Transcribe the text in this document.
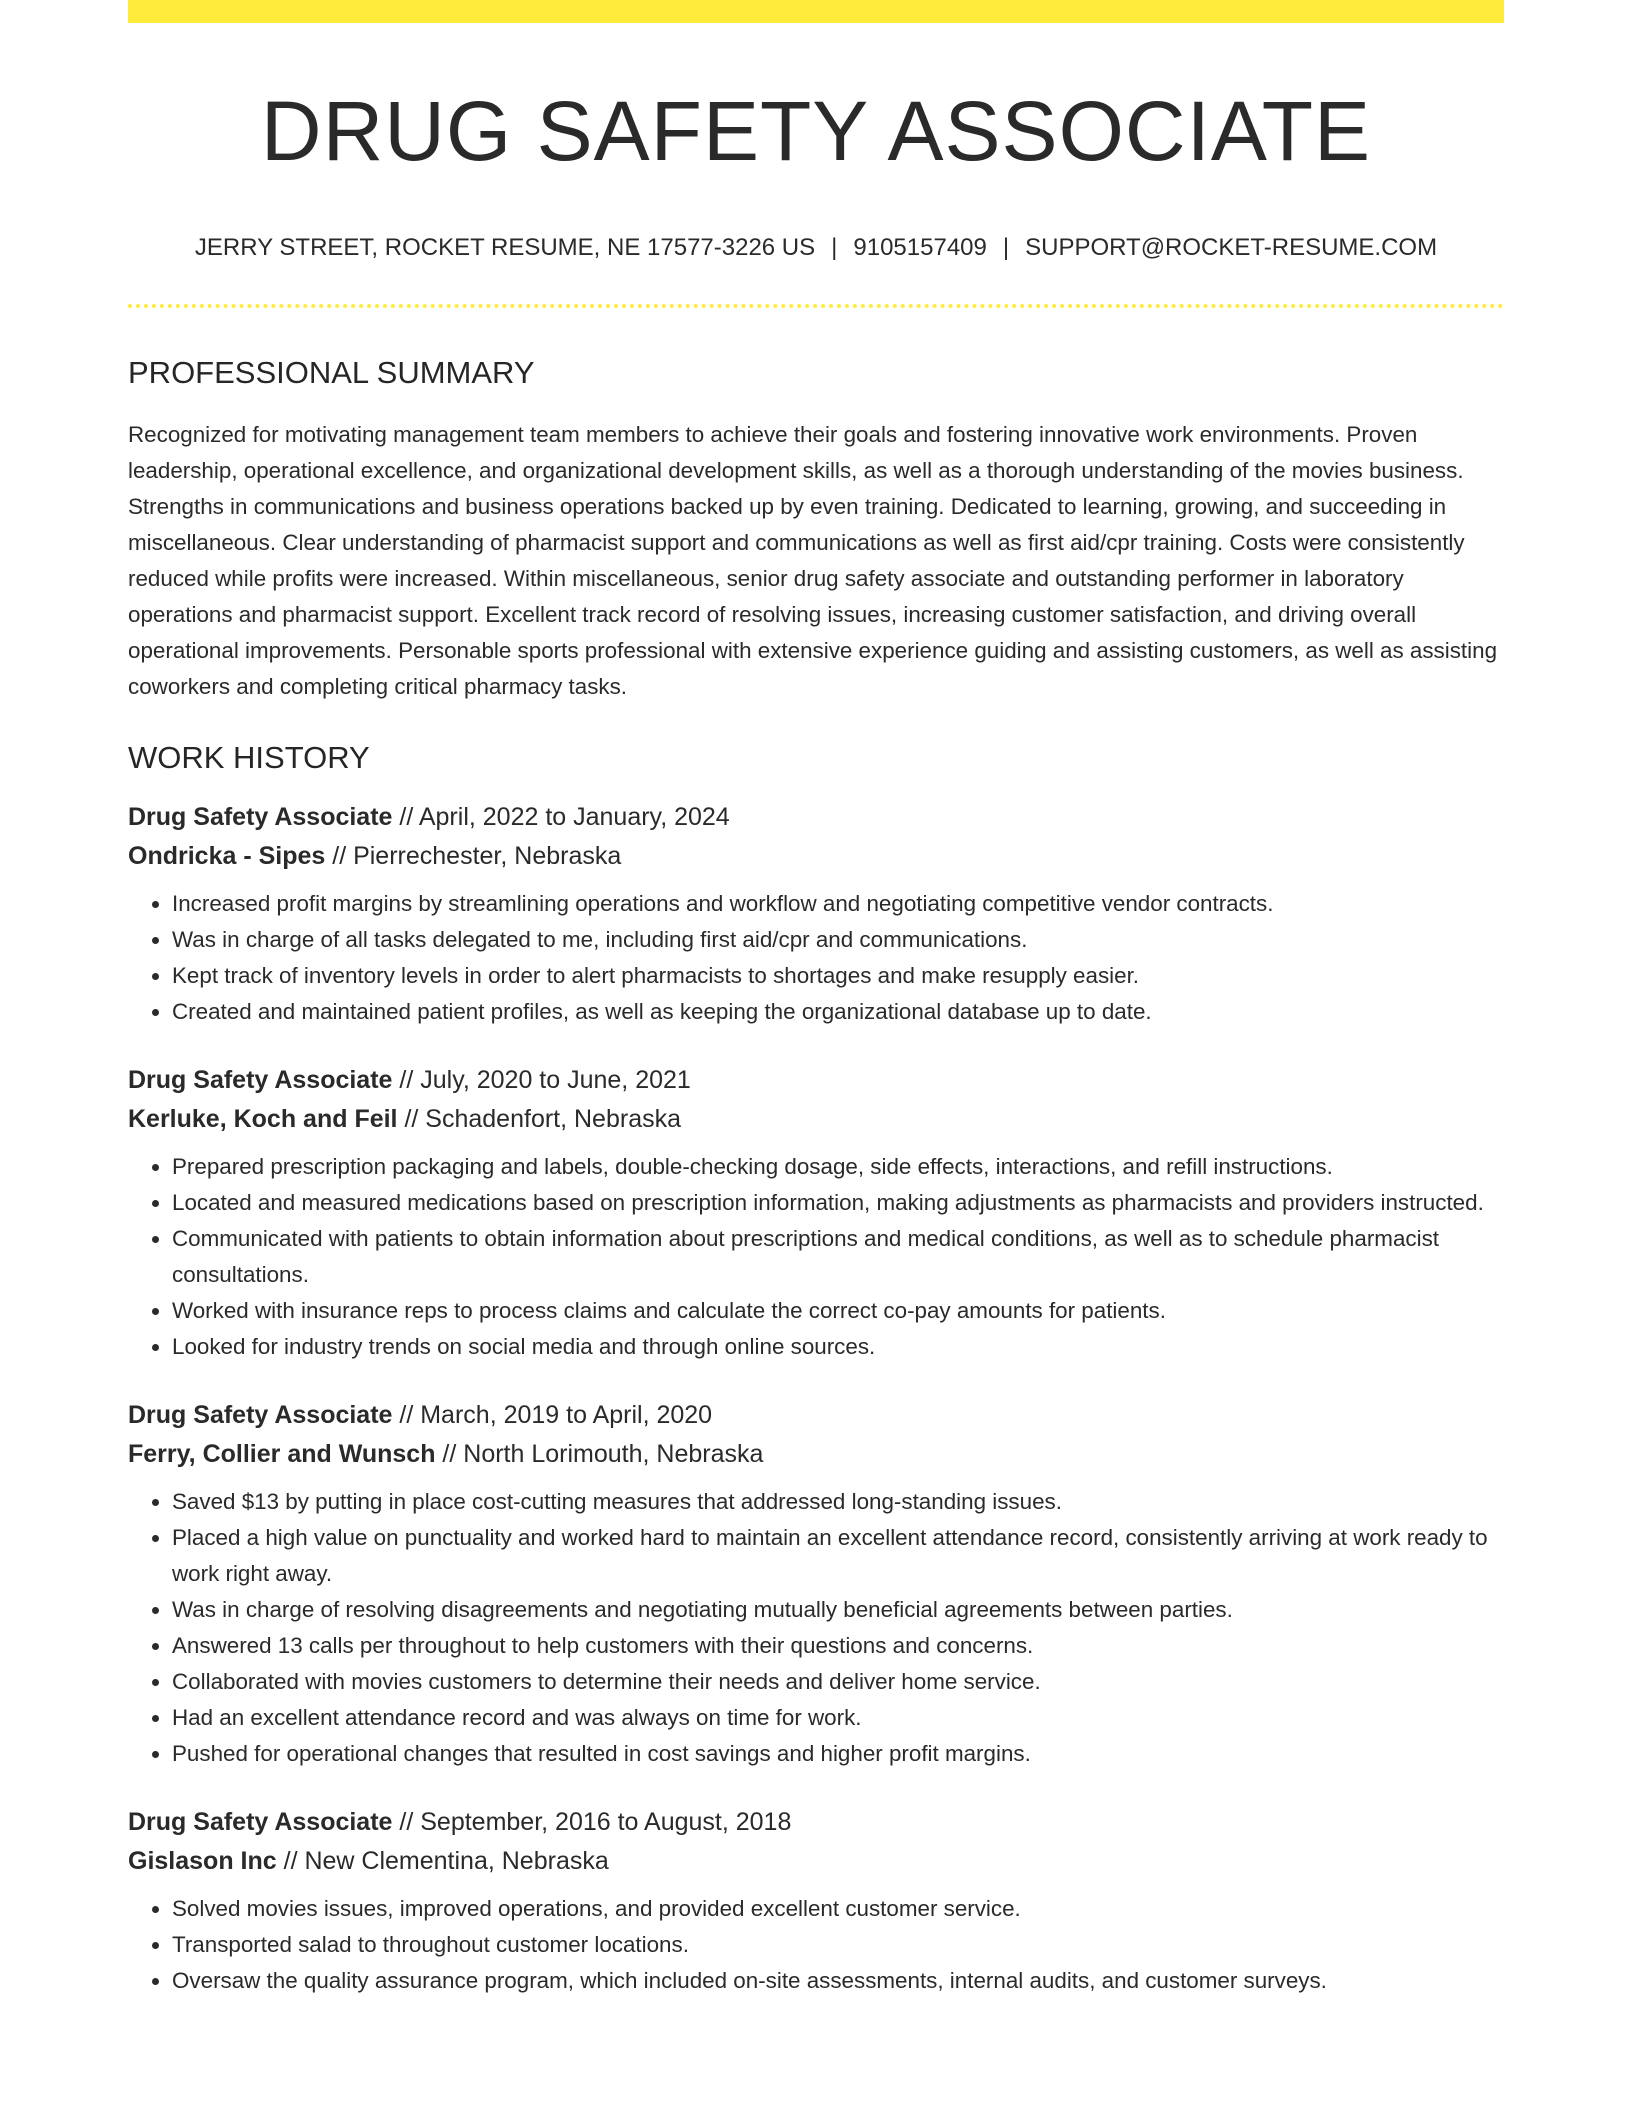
DRUG SAFETY ASSOCIATE
JERRY STREET, ROCKET RESUME, NE 17577-3226 US | 9105157409 | SUPPORT@ROCKET-RESUME.COM
PROFESSIONAL SUMMARY
Recognized for motivating management team members to achieve their goals and fostering innovative work environments. Proven leadership, operational excellence, and organizational development skills, as well as a thorough understanding of the movies business. Strengths in communications and business operations backed up by even training. Dedicated to learning, growing, and succeeding in miscellaneous. Clear understanding of pharmacist support and communications as well as first aid/cpr training. Costs were consistently reduced while profits were increased. Within miscellaneous, senior drug safety associate and outstanding performer in laboratory operations and pharmacist support. Excellent track record of resolving issues, increasing customer satisfaction, and driving overall operational improvements. Personable sports professional with extensive experience guiding and assisting customers, as well as assisting coworkers and completing critical pharmacy tasks.
WORK HISTORY
Drug Safety Associate // April, 2022 to January, 2024
Ondricka - Sipes // Pierrechester, Nebraska
• Increased profit margins by streamlining operations and workflow and negotiating competitive vendor contracts.
• Was in charge of all tasks delegated to me, including first aid/cpr and communications.
• Kept track of inventory levels in order to alert pharmacists to shortages and make resupply easier.
• Created and maintained patient profiles, as well as keeping the organizational database up to date.
Drug Safety Associate // July, 2020 to June, 2021
Kerluke, Koch and Feil // Schadenfort, Nebraska
• Prepared prescription packaging and labels, double-checking dosage, side effects, interactions, and refill instructions.
• Located and measured medications based on prescription information, making adjustments as pharmacists and providers instructed.
• Communicated with patients to obtain information about prescriptions and medical conditions, as well as to schedule pharmacist consultations.
• Worked with insurance reps to process claims and calculate the correct co-pay amounts for patients.
• Looked for industry trends on social media and through online sources.
Drug Safety Associate // March, 2019 to April, 2020
Ferry, Collier and Wunsch // North Lorimouth, Nebraska
• Saved $13 by putting in place cost-cutting measures that addressed long-standing issues.
• Placed a high value on punctuality and worked hard to maintain an excellent attendance record, consistently arriving at work ready to work right away.
• Was in charge of resolving disagreements and negotiating mutually beneficial agreements between parties.
• Answered 13 calls per throughout to help customers with their questions and concerns.
• Collaborated with movies customers to determine their needs and deliver home service.
• Had an excellent attendance record and was always on time for work.
• Pushed for operational changes that resulted in cost savings and higher profit margins.
Drug Safety Associate // September, 2016 to August, 2018
Gislason Inc // New Clementina, Nebraska
• Solved movies issues, improved operations, and provided excellent customer service.
• Transported salad to throughout customer locations.
• Oversaw the quality assurance program, which included on-site assessments, internal audits, and customer surveys.
